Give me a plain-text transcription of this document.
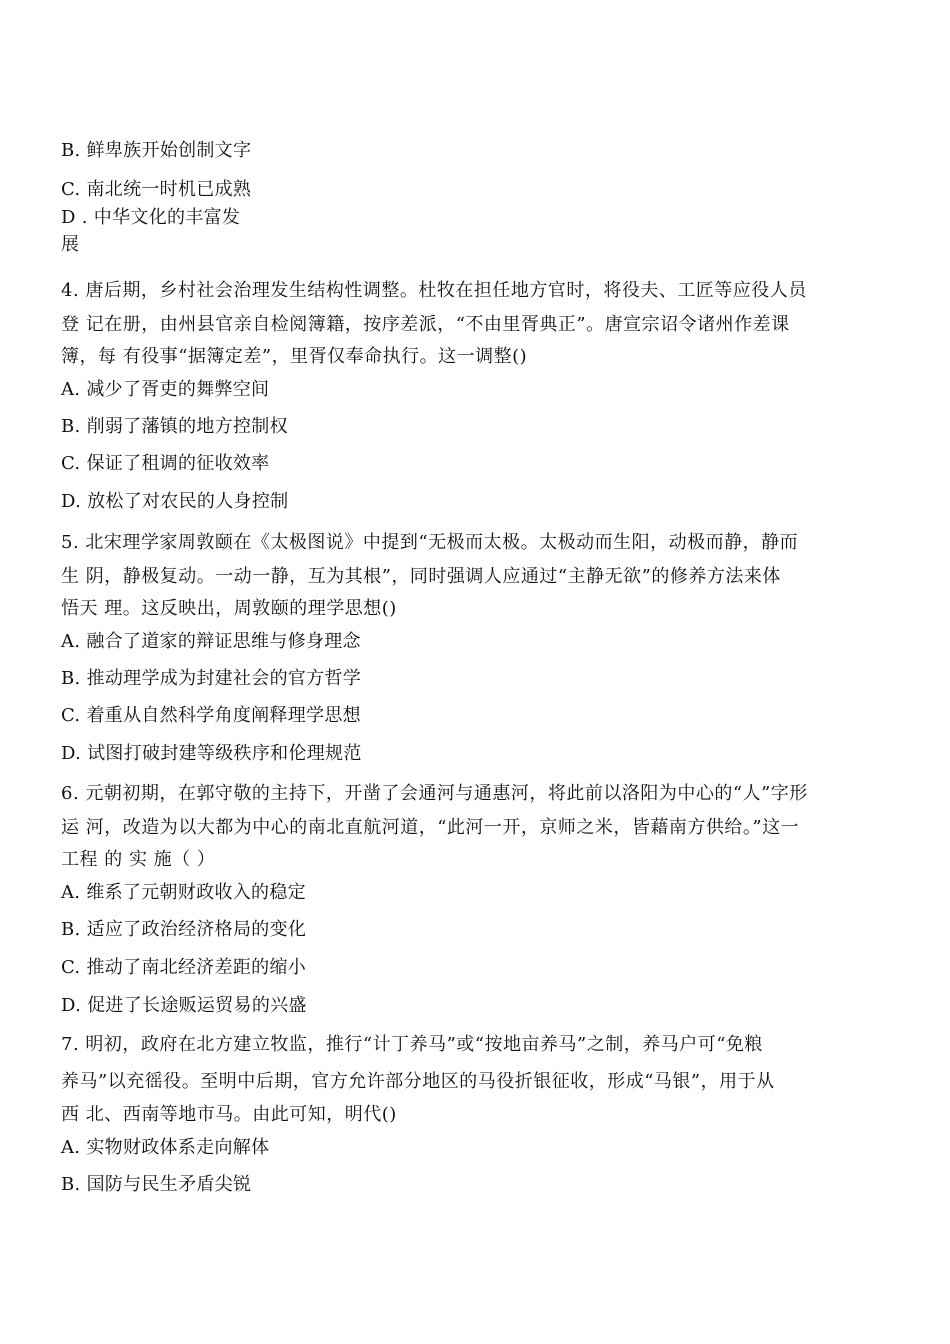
B. 鲜卑族开始创制文字
C. 南北统一时机已成熟
D . 中华文化的丰富发
展
4. 唐后期，乡村社会治理发生结构性调整。杜牧在担任地方官时，将役夫、工匠等应役人员
登 记在册，由州县官亲自检阅簿籍，按序差派，“不由里胥典正”。唐宣宗诏令诸州作差课
簿，每 有役事“据簿定差”，里胥仅奉命执行。这一调整()
A. 减少了胥吏的舞弊空间
B. 削弱了藩镇的地方控制权
C. 保证了租调的征收效率
D. 放松了对农民的人身控制
5. 北宋理学家周敦颐在《太极图说》中提到“无极而太极。太极动而生阳，动极而静，静而
生 阴，静极复动。一动一静，互为其根”，同时强调人应通过“主静无欲”的修养方法来体
悟天 理。这反映出，周敦颐的理学思想()
A. 融合了道家的辩证思维与修身理念
B. 推动理学成为封建社会的官方哲学
C. 着重从自然科学角度阐释理学思想
D. 试图打破封建等级秩序和伦理规范
6. 元朝初期，在郭守敬的主持下，开凿了会通河与通惠河，将此前以洛阳为中心的“人”字形
运 河，改造为以大都为中心的南北直航河道，“此河一开，京师之米，皆藉南方供给。”这一
工程 的 实 施（ ）
A. 维系了元朝财政收入的稳定
B. 适应了政治经济格局的变化
C. 推动了南北经济差距的缩小
D. 促进了长途贩运贸易的兴盛
7. 明初，政府在北方建立牧监，推行“计丁养马”或“按地亩养马”之制，养马户可“免粮
养马”以充徭役。至明中后期，官方允许部分地区的马役折银征收，形成“马银”，用于从
西 北、西南等地市马。由此可知，明代()
A. 实物财政体系走向解体
B. 国防与民生矛盾尖锐
